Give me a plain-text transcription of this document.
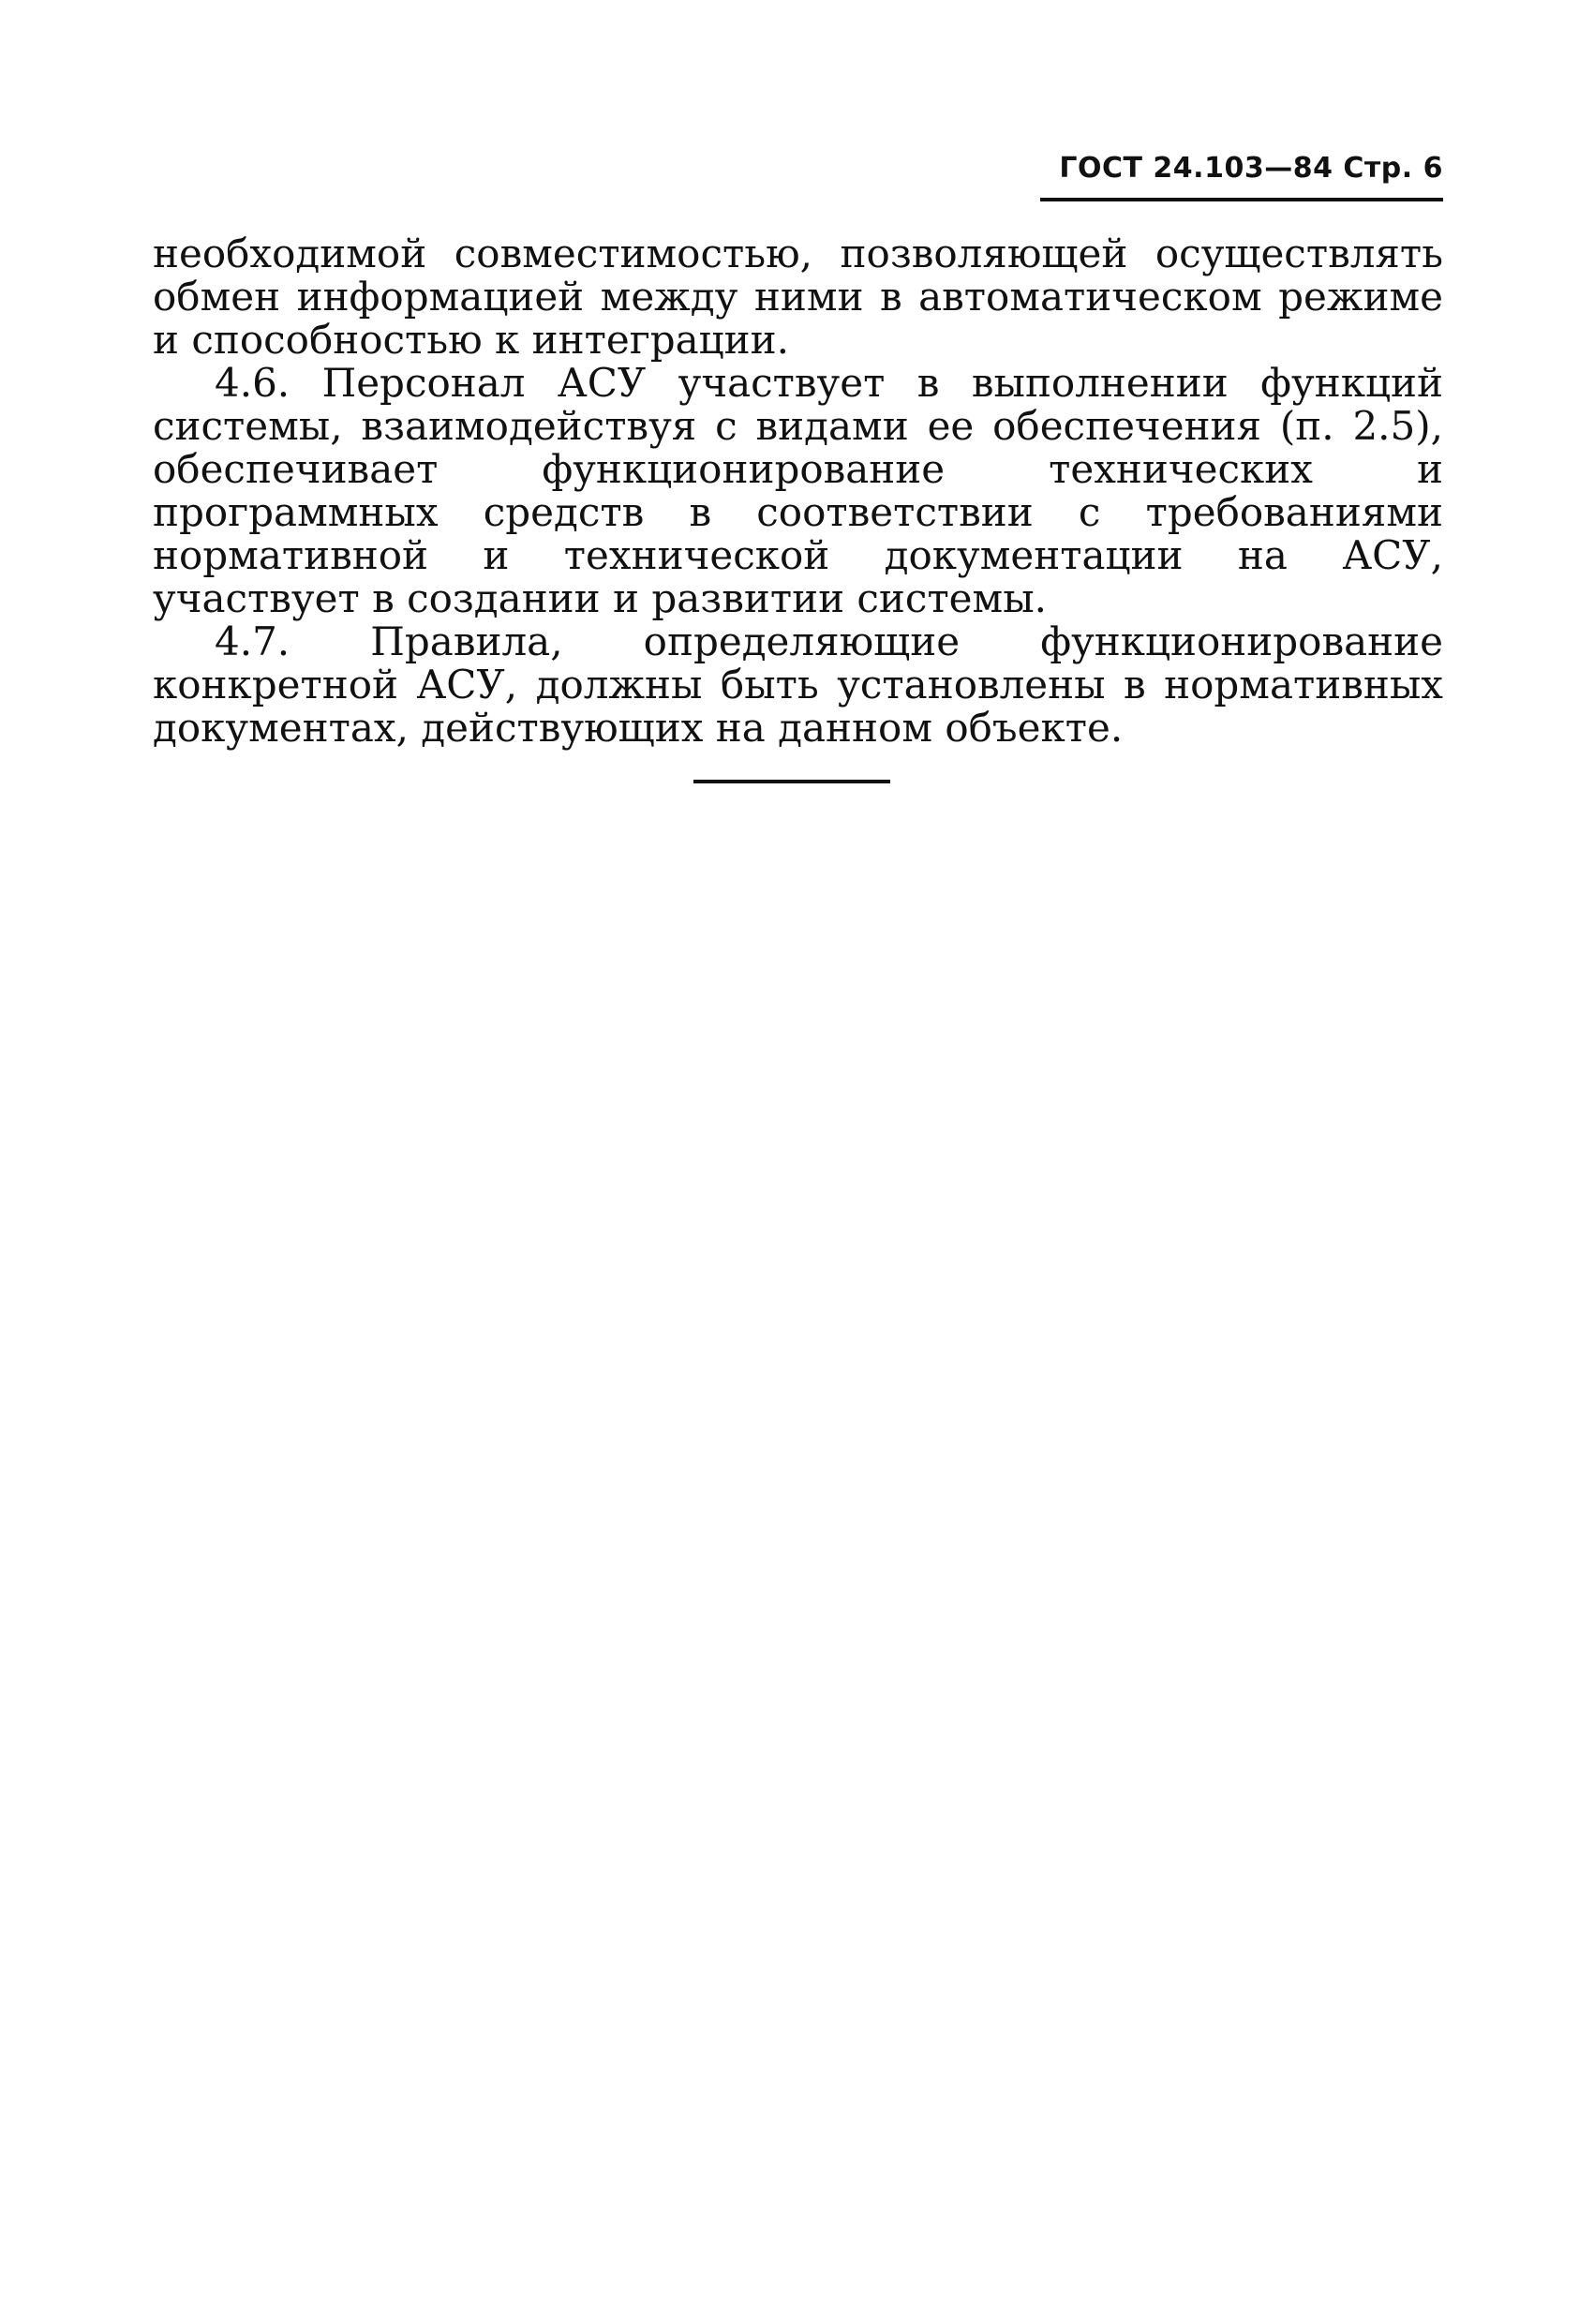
ГОСТ 24.103—84 Стр. 6

необходимой совместимостью, позволяющей осуществлять обмен информацией между ними в автоматическом режиме и способностью к интеграции.

4.6. Персонал АСУ участвует в выполнении функций системы, взаимодействуя с видами ее обеспечения (п. 2.5), обеспечивает функционирование технических и программных средств в соответствии с требованиями нормативной и технической документации на АСУ, участвует в создании и развитии системы.

4.7. Правила, определяющие функционирование конкретной АСУ, должны быть установлены в нормативных документах, действующих на данном объекте.
